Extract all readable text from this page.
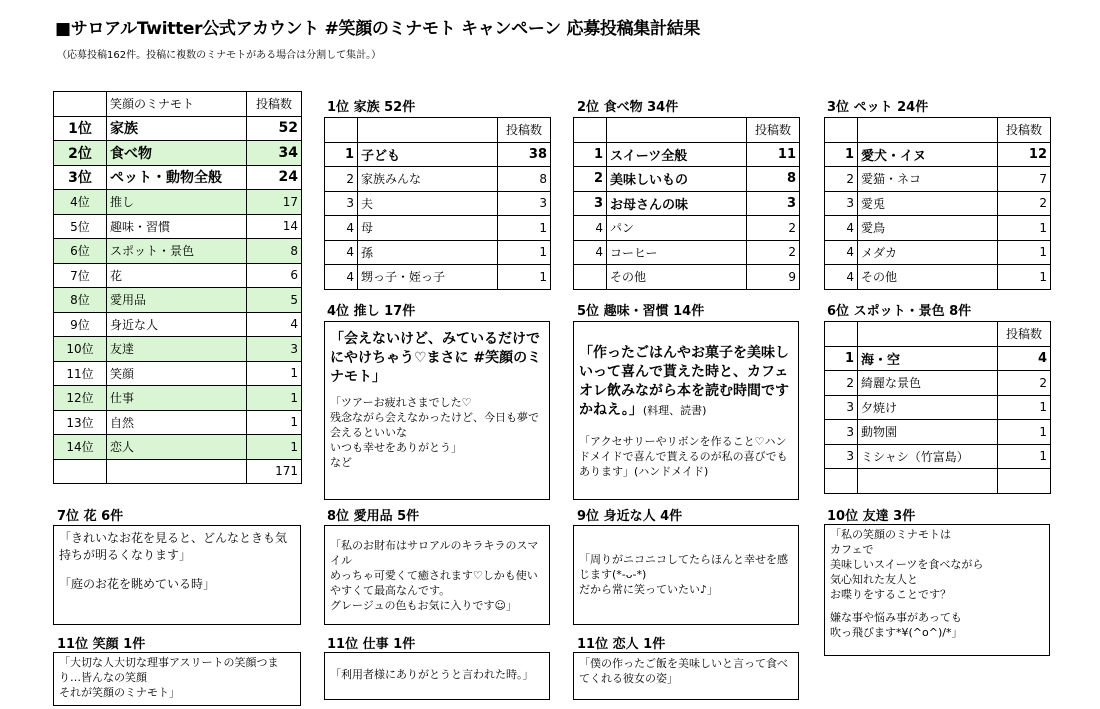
■サロアルTwitter公式アカウント #笑顔のミナモト キャンペーン 応募投稿集計結果
（応募投稿162件。投稿に複数のミナモトがある場合は分割して集計。）
	笑顔のミナモト	投稿数
1位	家族	52
2位	食べ物	34
3位	ペット・動物全般	24
4位	推し	17
5位	趣味・習慣	14
6位	スポット・景色	8
7位	花	6
8位	愛用品	5
9位	身近な人	4
10位	友達	3
11位	笑顔	1
12位	仕事	1
13位	自然	1
14位	恋人	1
		171
1位 家族 52件
		投稿数
1	子ども	38
2	家族みんな	8
3	夫	3
4	母	1
4	孫	1
4	甥っ子・姪っ子	1
2位 食べ物 34件
		投稿数
1	スイーツ全般	11
2	美味しいもの	8
3	お母さんの味	3
4	パン	2
4	コーヒー	2
	その他	9
3位 ペット 24件
		投稿数
1	愛犬・イヌ	12
2	愛猫・ネコ	7
3	愛兎	2
4	愛鳥	1
4	メダカ	1
4	その他	1
4位 推し 17件

「会えないけど、みているだけでにやけちゃう♡まさに #笑顔のミナモト」

「ツアーお疲れさまでした♡
残念ながら会えなかったけど、今日も夢で会えるといいな
いつも幸せをありがとう」
など

5位 趣味・習慣 14件

「作ったごはんやお菓子を美味しいって喜んで貰えた時と、カフェオレ飲みながら本を読む時間ですかねえ。」(料理、読書)

「アクセサリーやリボンを作ること♡ハンドメイドで喜んで貰えるのが私の喜びでもあります」(ハンドメイド)

6位 スポット・景色 8件
		投稿数
1	海・空	4
2	綺麗な景色	2
3	夕焼け	1
3	動物園	1
3	ミシャシ（竹富島）	1

7位 花 6件

「きれいなお花を見ると、どんなときも気持ちが明るくなります」

「庭のお花を眺めている時」

8位 愛用品 5件

「私のお財布はサロアルのキラキラのスマイル
めっちゃ可愛くて癒されます♡しかも使いやすくて最高なんです。
グレージュの色もお気に入りです☺」

9位 身近な人 4件

「周りがニコニコしてたらほんと幸せを感じます(*-ᴗ-*)
だから常に笑っていたい♪」

10位 友達 3件

「私の笑顔のミナモトは
カフェで
美味しいスイーツを食べながら
気心知れた友人と
お喋りをすることです？

嫌な事や悩み事があっても
吹っ飛びます*¥(^o^)/*」

11位 笑顔 1件

「大切な人大切な理事アスリートの笑顔つまり…皆んなの笑顔
それが笑顔のミナモト」

11位 仕事 1件

「利用者様にありがとうと言われた時。」

11位 恋人 1件

「僕の作ったご飯を美味しいと言って食べてくれる彼女の姿」
